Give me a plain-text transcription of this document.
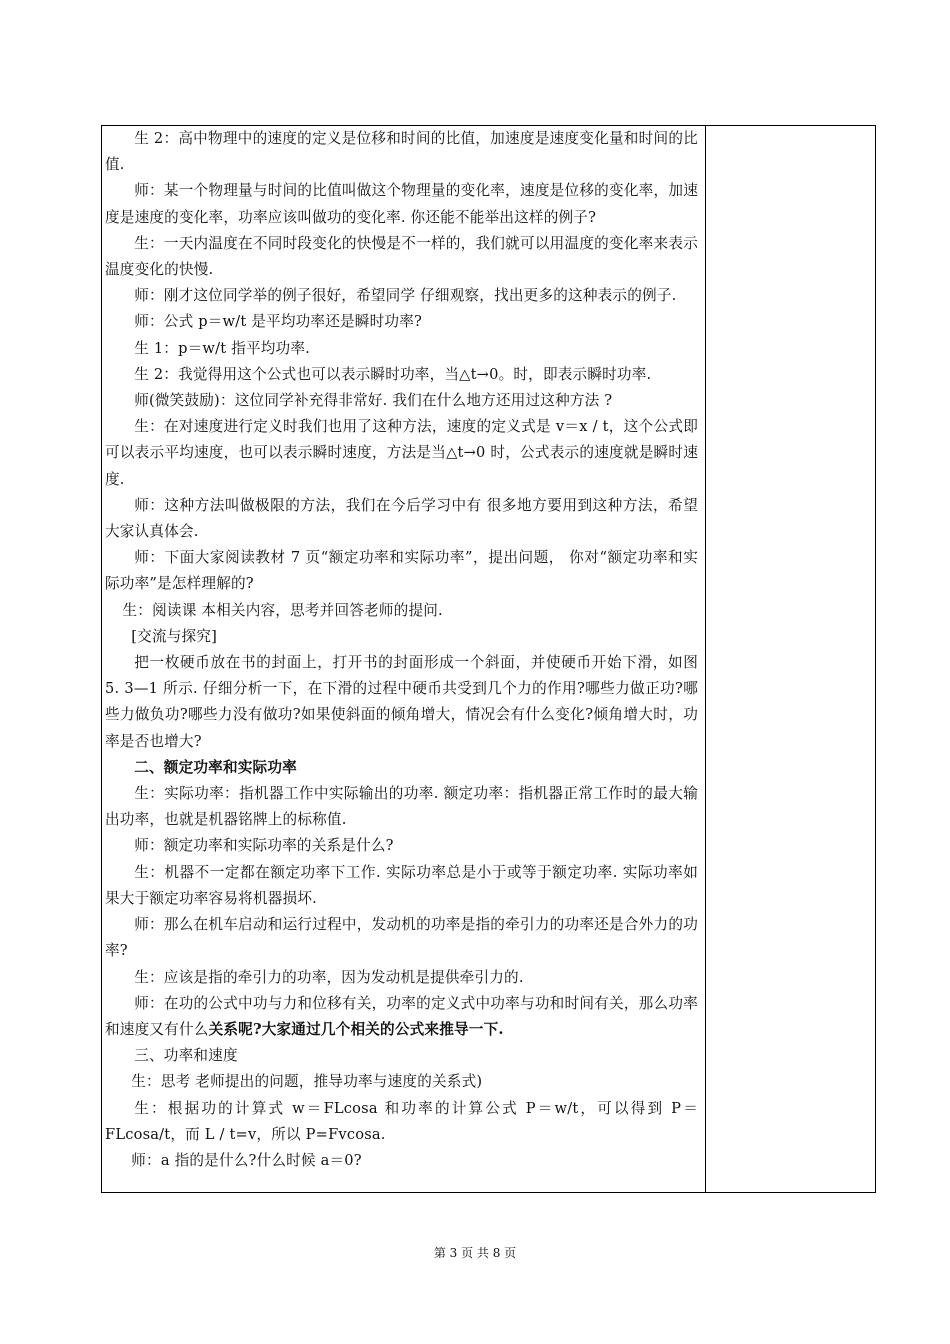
生 2：高中物理中的速度的定义是位移和时间的比值，加速度是速度变化量和时间的比值.

师：某一个物理量与时间的比值叫做这个物理量的变化率，速度是位移的变化率，加速度是速度的变化率，功率应该叫做功的变化率. 你还能不能举出这样的例子?

生：一天内温度在不同时段变化的快慢是不一样的，我们就可以用温度的变化率来表示温度变化的快慢.

师：刚才这位同学举的例子很好，希望同学 仔细观察，找出更多的这种表示的例子.

师：公式 p＝w/t 是平均功率还是瞬时功率?

生 1：p＝w/t 指平均功率.

生 2：我觉得用这个公式也可以表示瞬时功率，当△t→0。时，即表示瞬时功率.

师(微笑鼓励)：这位同学补充得非常好. 我们在什么地方还用过这种方法 ?

生：在对速度进行定义时我们也用了这种方法，速度的定义式是 v＝x / t，这个公式即可以表示平均速度，也可以表示瞬时速度，方法是当△t→0 时，公式表示的速度就是瞬时速度.

师：这种方法叫做极限的方法，我们在今后学习中有 很多地方要用到这种方法，希望大家认真体会.

师：下面大家阅读教材 7 页“额定功率和实际功率”，提出问题， 你对“额定功率和实际功率”是怎样理解的?

生：阅读课 本相关内容，思考并回答老师的提问.

[交流与探究]

把一枚硬币放在书的封面上，打开书的封面形成一个斜面，并使硬币开始下滑，如图 5. 3—1 所示. 仔细分析一下，在下滑的过程中硬币共受到几个力的作用?哪些力做正功?哪些力做负功?哪些力没有做功?如果使斜面的倾角增大，情况会有什么变化?倾角增大时，功率是否也增大?

二、额定功率和实际功率

生：实际功率：指机器工作中实际输出的功率. 额定功率：指机器正常工作时的最大输出功率，也就是机器铭牌上的标称值.

师：额定功率和实际功率的关系是什么?

生：机器不一定都在额定功率下工作. 实际功率总是小于或等于额定功率. 实际功率如果大于额定功率容易将机器损坏.

师：那么在机车启动和运行过程中，发动机的功率是指的牵引力的功率还是合外力的功率?

生：应该是指的牵引力的功率，因为发动机是提供牵引力的.

师：在功的公式中功与力和位移有关，功率的定义式中功率与功和时间有关，那么功率和速度又有什么关系呢?大家通过几个相关的公式来推导一下.

三、功率和速度

生：思考 老师提出的问题，推导功率与速度的关系式)

生：根据功的计算式 w＝FLcosa 和功率的计算公式 P＝w/t，可以得到 P＝FLcosa/t，而 L / t=v，所以 P=Fvcosa.

师：a 指的是什么?什么时候 a＝0?

第 3 页 共 8 页
